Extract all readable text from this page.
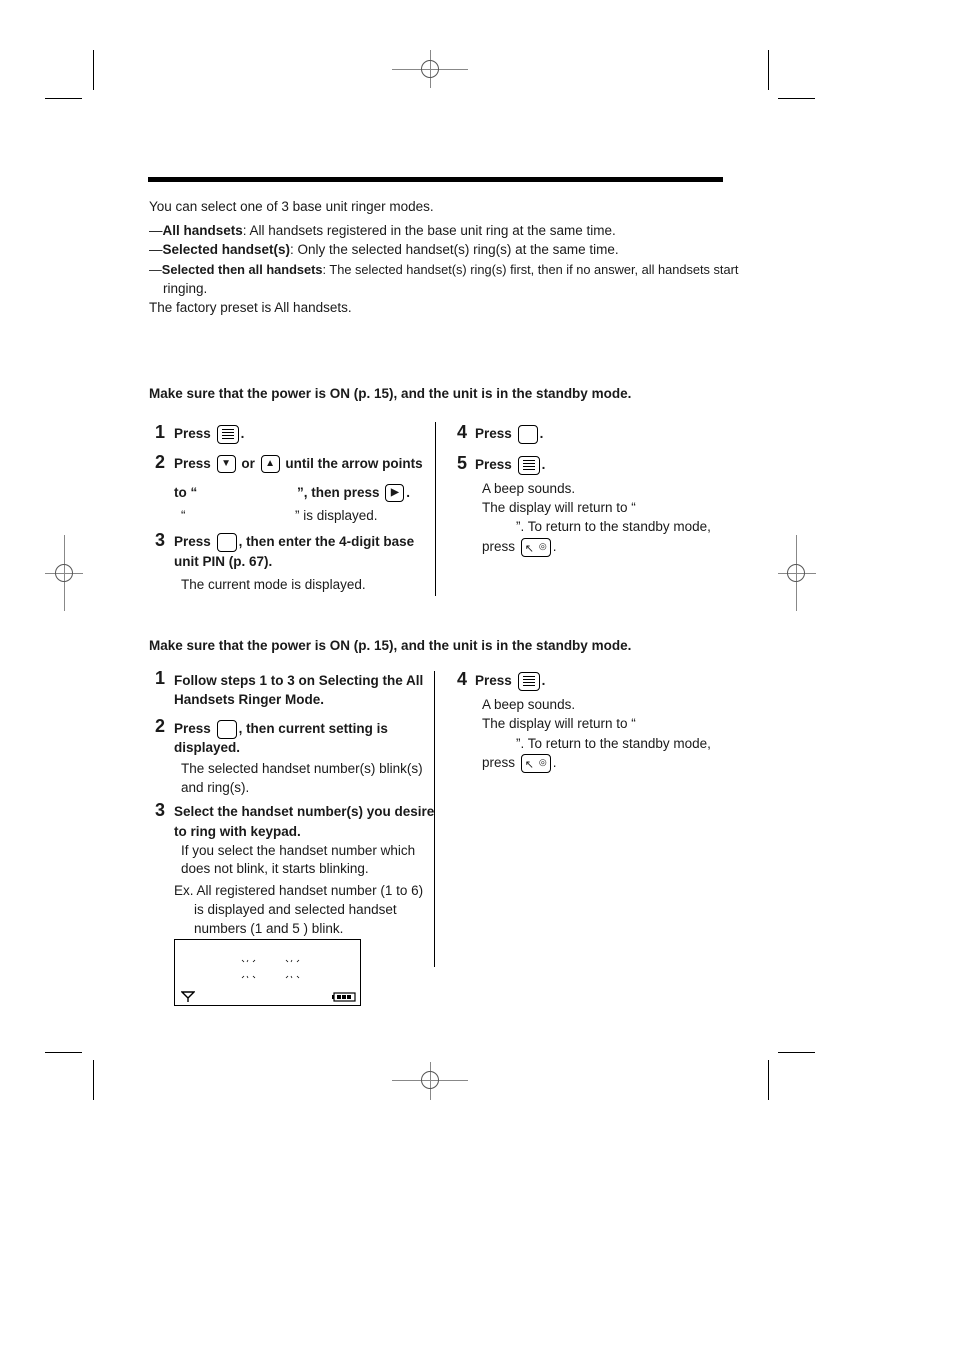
You can select one of 3 base unit ringer modes.
—All handsets: All handsets registered in the base unit ring at the same time.
—Selected handset(s): Only the selected handset(s) ring(s) at the same time.
—Selected then all handsets: The selected handset(s) ring(s) first, then if no answer, all handsets start
ringing.
The factory preset is All handsets.
Make sure that the power is ON (p. 15), and the unit is in the standby mode.
1 Press .
2 Press ▼ or ▲ until the arrow points
to “	”, then press ▶ .
“	” is displayed.
3 Press , then enter the 4-digit base
unit PIN (p. 67).
The current mode is displayed.
4 Press .
5 Press .
A beep sounds.
The display will return to “
”. To return to the standby mode,
press ↖ ◎ .
Make sure that the power is ON (p. 15), and the unit is in the standby mode.
1 Follow steps 1 to 3 on Selecting the All
Handsets Ringer Mode.
2 Press , then current setting is
displayed.
The selected handset number(s) blink(s)
and ring(s).
3 Select the handset number(s) you desire
to ring with keypad.
If you select the handset number which
does not blink, it starts blinking.
Ex. All registered handset number (1 to 6)
is displayed and selected handset
numbers (1 and 5 ) blink.
4 Press .
A beep sounds.
The display will return to “
”. To return to the standby mode,
press ↖ ◎ .
